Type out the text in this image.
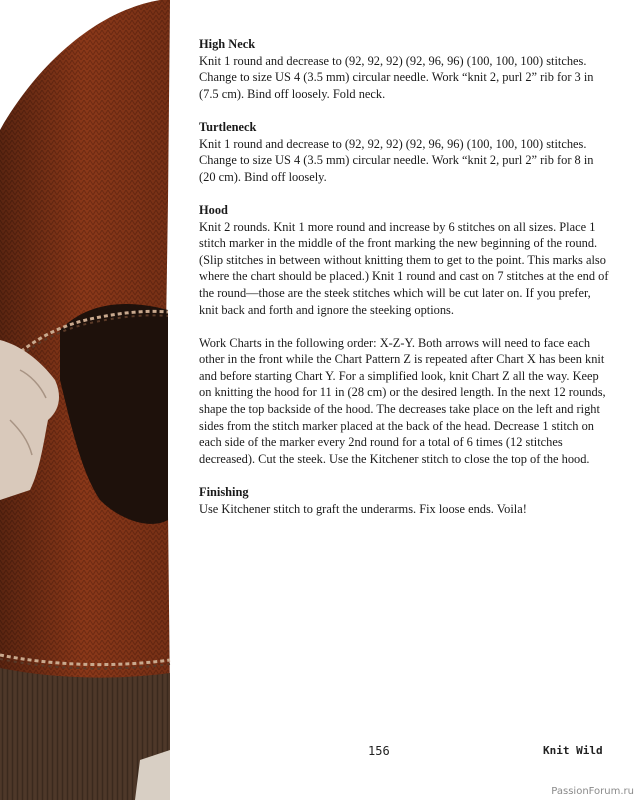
High Neck

Knit 1 round and decrease to (92, 92, 92) (92, 96, 96) (100, 100, 100) stitches. Change to size US 4 (3.5 mm) circular needle. Work “knit 2, purl 2” rib for 3 in (7.5 cm). Bind off loosely. Fold neck.

Turtleneck

Knit 1 round and decrease to (92, 92, 92) (92, 96, 96) (100, 100, 100) stitches. Change to size US 4 (3.5 mm) circular needle. Work “knit 2, purl 2” rib for 8 in (20 cm). Bind off loosely.

Hood

Knit 2 rounds. Knit 1 more round and increase by 6 stitches on all sizes. Place 1 stitch marker in the middle of the front marking the new beginning of the round. (Slip stitches in between without knitting them to get to the point. This marks also where the chart should be placed.) Knit 1 round and cast on 7 stitches at the end of the round—those are the steek stitches which will be cut later on. If you prefer, knit back and forth and ignore the steeking options.

Work Charts in the following order: X-Z-Y. Both arrows will need to face each other in the front while the Chart Pattern Z is repeated after Chart X has been knit and before starting Chart Y. For a simplified look, knit Chart Z all the way. Keep on knitting the hood for 11 in (28 cm) or the desired length. In the next 12 rounds, shape the top backside of the hood. The decreases take place on the left and right sides from the stitch marker placed at the back of the head. Decrease 1 stitch on each side of the marker every 2nd round for a total of 6 times (12 stitches decreased). Cut the steek. Use the Kitchener stitch to close the top of the hood.

Finishing

Use Kitchener stitch to graft the underarms. Fix loose ends. Voila!

156	Knit Wild
PassionForum.ru
